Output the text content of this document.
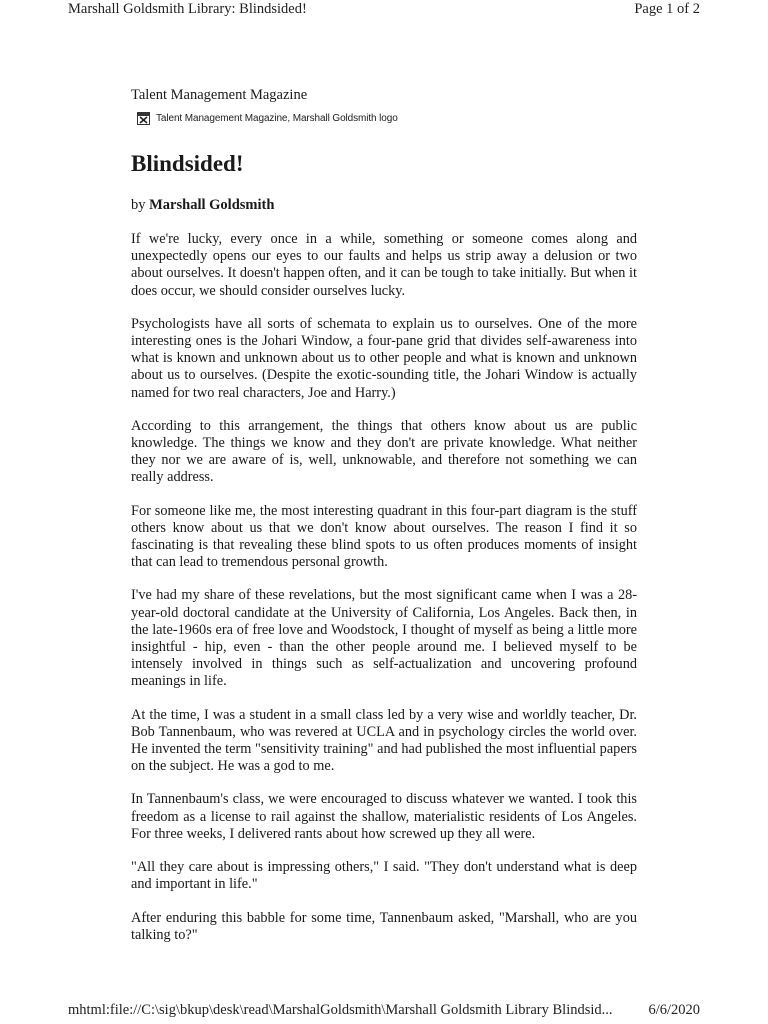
Marshall Goldsmith Library: Blindsided!	Page 1 of 2

Talent Management Magazine

Talent Management Magazine, Marshall Goldsmith logo
Blindsided!

by Marshall Goldsmith

If we're lucky, every once in a while, something or someone comes along and unexpectedly opens our eyes to our faults and helps us strip away a delusion or two about ourselves. It doesn't happen often, and it can be tough to take initially. But when it does occur, we should consider ourselves lucky.

Psychologists have all sorts of schemata to explain us to ourselves. One of the more interesting ones is the Johari Window, a four-pane grid that divides self-awareness into what is known and unknown about us to other people and what is known and unknown about us to ourselves. (Despite the exotic-sounding title, the Johari Window is actually named for two real characters, Joe and Harry.)

According to this arrangement, the things that others know about us are public knowledge. The things we know and they don't are private knowledge. What neither they nor we are aware of is, well, unknowable, and therefore not something we can really address.

For someone like me, the most interesting quadrant in this four-part diagram is the stuff others know about us that we don't know about ourselves. The reason I find it so fascinating is that revealing these blind spots to us often produces moments of insight that can lead to tremendous personal growth.

I've had my share of these revelations, but the most significant came when I was a 28-year-old doctoral candidate at the University of California, Los Angeles. Back then, in the late-1960s era of free love and Woodstock, I thought of myself as being a little more insightful - hip, even - than the other people around me. I believed myself to be intensely involved in things such as self-actualization and uncovering profound meanings in life.

At the time, I was a student in a small class led by a very wise and worldly teacher, Dr. Bob Tannenbaum, who was revered at UCLA and in psychology circles the world over. He invented the term "sensitivity training" and had published the most influential papers on the subject. He was a god to me.

In Tannenbaum's class, we were encouraged to discuss whatever we wanted. I took this freedom as a license to rail against the shallow, materialistic residents of Los Angeles. For three weeks, I delivered rants about how screwed up they all were.

"All they care about is impressing others," I said. "They don't understand what is deep and important in life."

After enduring this babble for some time, Tannenbaum asked, "Marshall, who are you talking to?"

mhtml:file://C:\sig\bkup\desk\read\MarshalGoldsmith\Marshall Goldsmith Library Blindsid... 6/6/2020
